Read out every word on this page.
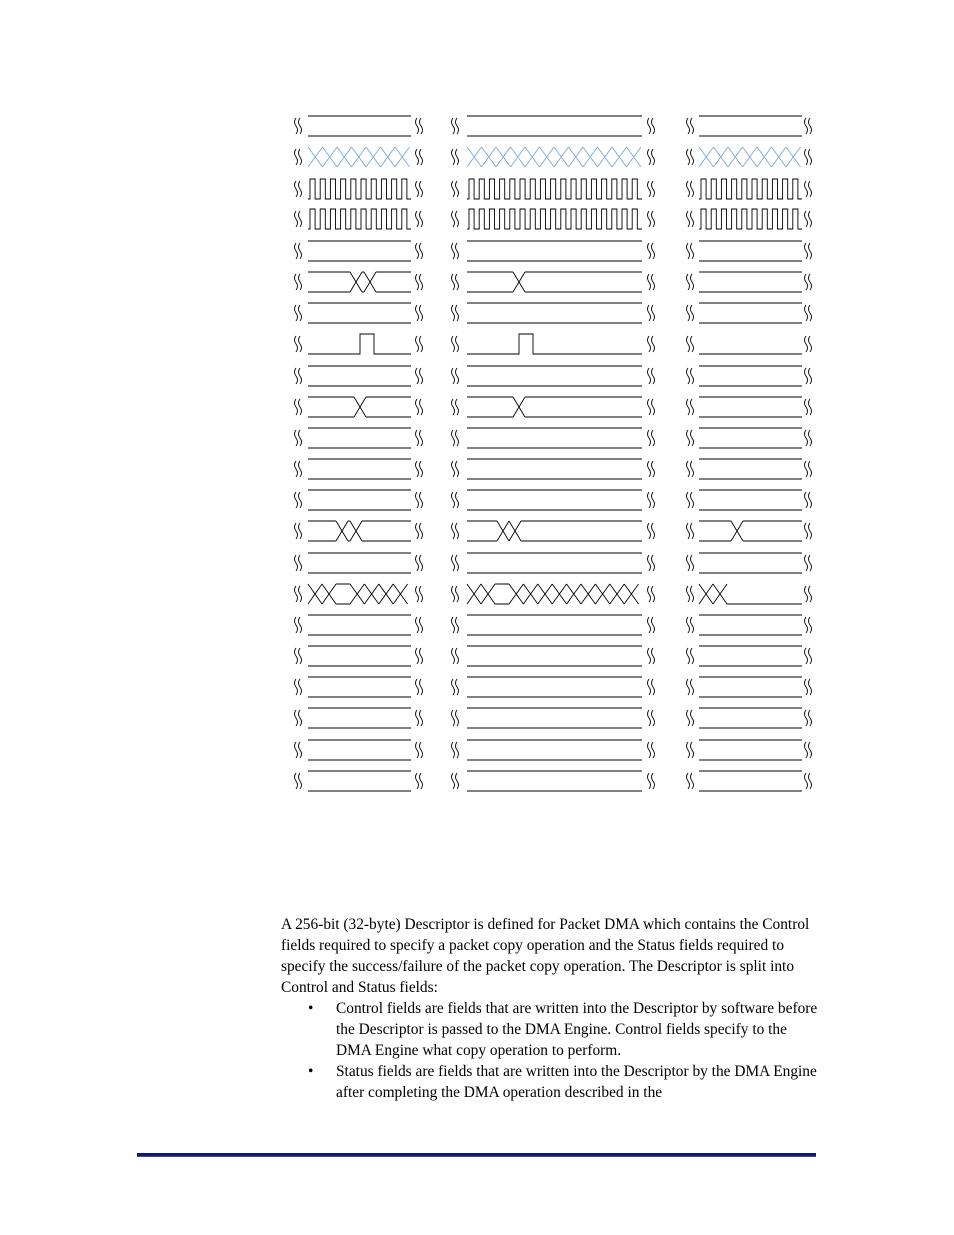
A 256-bit (32-byte) Descriptor is defined for Packet DMA which contains the Control fields required to specify a packet copy operation and the Status fields required to specify the success/failure of the packet copy operation. The Descriptor is split into Control and Status fields:

• Control fields are fields that are written into the Descriptor by software before the Descriptor is passed to the DMA Engine. Control fields specify to the DMA Engine what copy operation to perform.
• Status fields are fields that are written into the Descriptor by the DMA Engine after completing the DMA operation described in the
